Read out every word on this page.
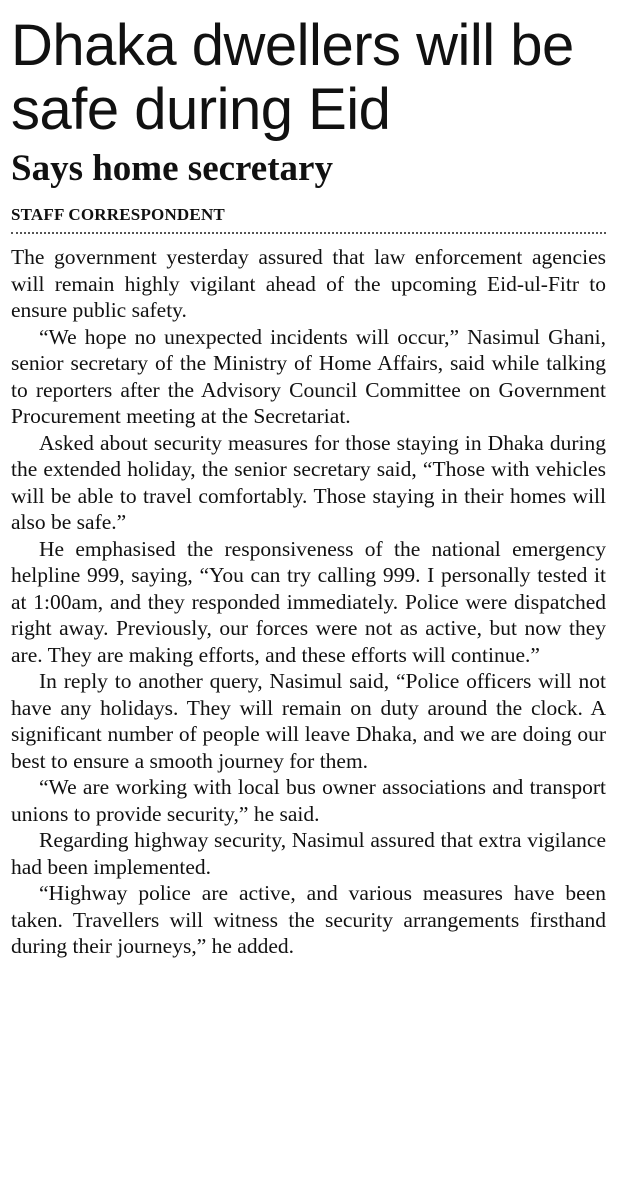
Dhaka dwellers will be safe during Eid
Says home secretary
STAFF CORRESPONDENT

The government yesterday assured that law enforcement agencies will remain highly vigilant ahead of the upcoming Eid-ul-Fitr to ensure public safety.

“We hope no unexpected incidents will occur,” Nasimul Ghani, senior secretary of the Ministry of Home Affairs, said while talking to reporters after the Advisory Council Committee on Government Procurement meeting at the Secretariat.

Asked about security measures for those staying in Dhaka during the extended holiday, the senior secretary said, “Those with vehicles will be able to travel comfortably. Those staying in their homes will also be safe.”

He emphasised the responsiveness of the national emergency helpline 999, saying, “You can try calling 999. I personally tested it at 1:00am, and they responded immediately. Police were dispatched right away. Previously, our forces were not as active, but now they are. They are making efforts, and these efforts will continue.”

In reply to another query, Nasimul said, “Police officers will not have any holidays. They will remain on duty around the clock. A significant number of people will leave Dhaka, and we are doing our best to ensure a smooth journey for them.

“We are working with local bus owner associations and transport unions to provide security,” he said.

Regarding highway security, Nasimul assured that extra vigilance had been implemented.

“Highway police are active, and various measures have been taken. Travellers will witness the security arrangements firsthand during their journeys,” he added.
